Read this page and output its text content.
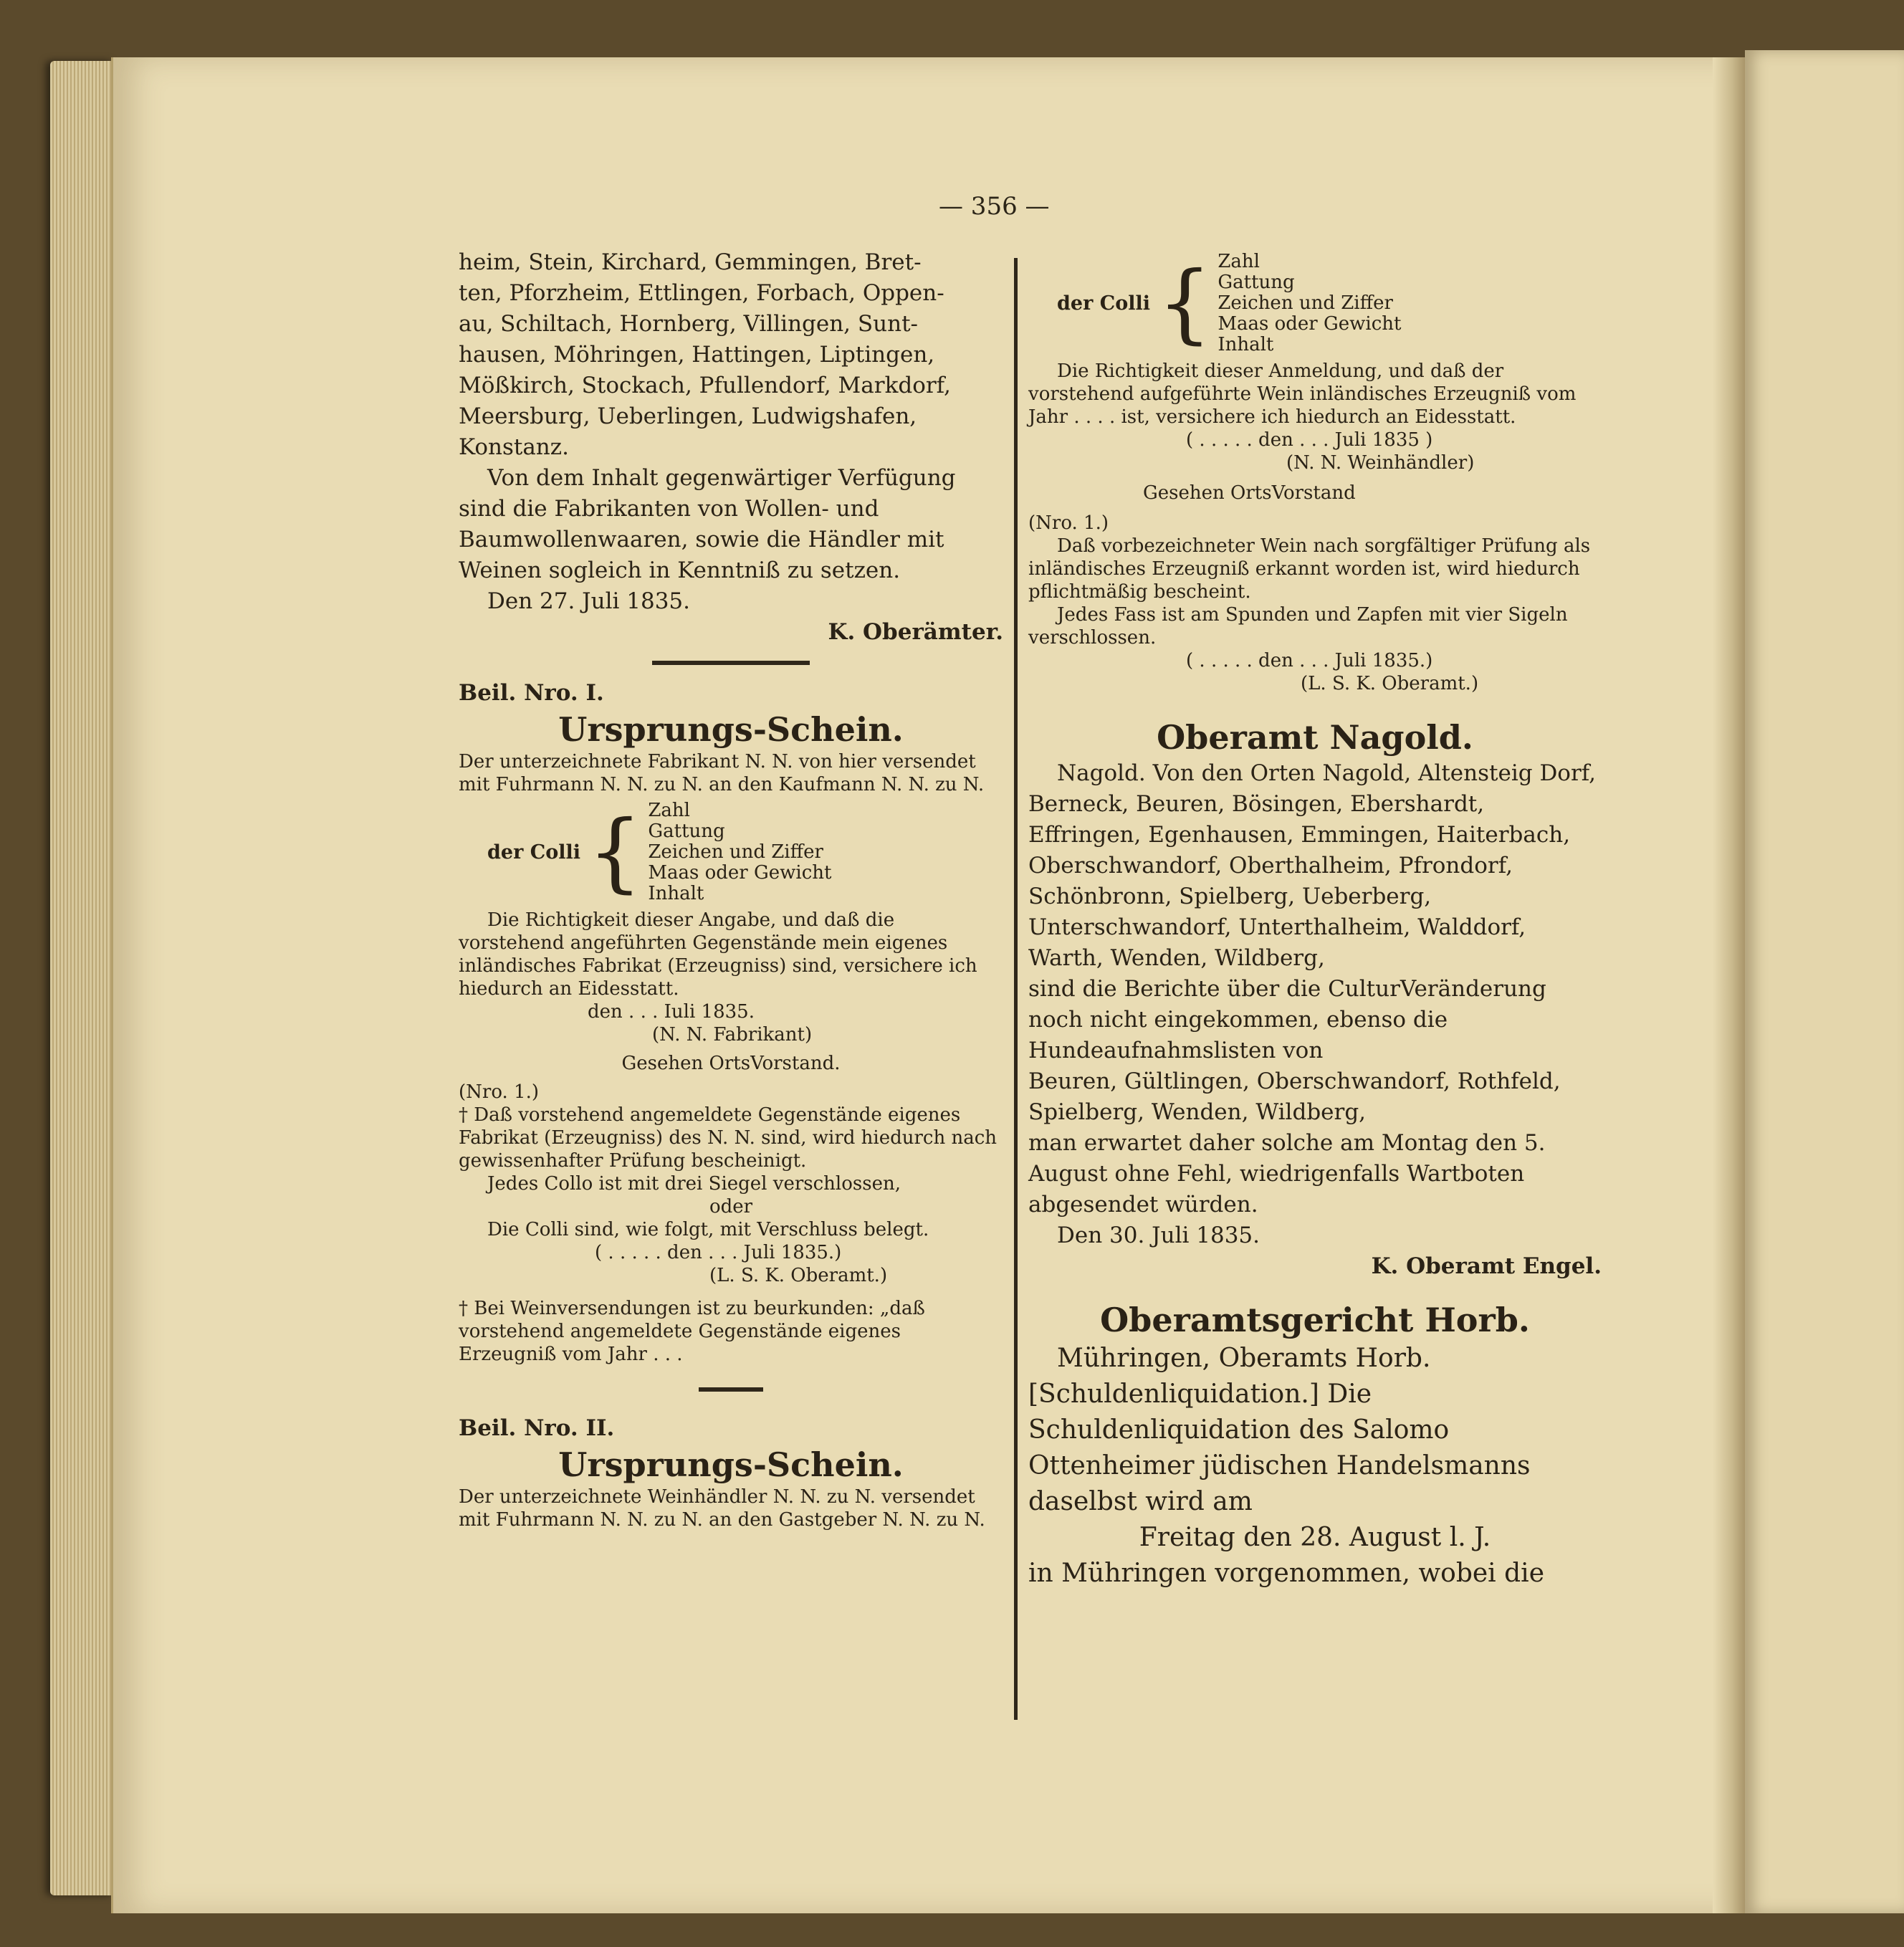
— 356 —

heim, Stein, Kirchard, Gemmingen, Bret-

ten, Pforzheim, Ettlingen, Forbach, Oppen-

au, Schiltach, Hornberg, Villingen, Sunt-

hausen, Möhringen, Hattingen, Liptingen,

Mößkirch, Stockach, Pfullendorf, Markdorf,

Meersburg, Ueberlingen, Ludwigshafen,

Konstanz.

Von dem Inhalt gegenwärtiger Verfügung sind die Fabrikanten von Wollen- und Baumwollenwaaren, sowie die Händler mit Weinen sogleich in Kenntniß zu setzen.

Den 27. Juli 1835.

K. Oberämter.

Beil. Nro. I.

Ursprungs-Schein.

Der unterzeichnete Fabrikant N. N. von hier versendet mit Fuhrmann N. N. zu N. an den Kaufmann N. N. zu N.

der Colli { Zahl
Gattung
Zeichen und Ziffer
Maas oder Gewicht
Inhalt

Die Richtigkeit dieser Angabe, und daß die vorstehend angeführten Gegenstände mein eigenes inländisches Fabrikat (Erzeugniss) sind, versichere ich hiedurch an Eidesstatt.

den . . . Iuli 1835.

(N. N. Fabrikant)

Gesehen OrtsVorstand.

(Nro. 1.)

† Daß vorstehend angemeldete Gegenstände eigenes Fabrikat (Erzeugniss) des N. N. sind, wird hiedurch nach gewissenhafter Prüfung bescheinigt.

Jedes Collo ist mit drei Siegel verschlossen,

oder

Die Colli sind, wie folgt, mit Verschluss belegt.

( . . . . . den . . . Juli 1835.)

(L. S. K. Oberamt.)

† Bei Weinversendungen ist zu beurkunden: „daß vorstehend angemeldete Gegenstände eigenes Erzeugniß vom Jahr . . .

Beil. Nro. II.

Ursprungs-Schein.

Der unterzeichnete Weinhändler N. N. zu N. versendet mit Fuhrmann N. N. zu N. an den Gastgeber N. N. zu N.

der Colli { Zahl
Gattung
Zeichen und Ziffer
Maas oder Gewicht
Inhalt

Die Richtigkeit dieser Anmeldung, und daß der vorstehend aufgeführte Wein inländisches Erzeugniß vom Jahr . . . . ist, versichere ich hiedurch an Eidesstatt.

( . . . . . den . . . Juli 1835 )

(N. N. Weinhändler)

Gesehen OrtsVorstand

(Nro. 1.)

Daß vorbezeichneter Wein nach sorgfältiger Prüfung als inländisches Erzeugniß erkannt worden ist, wird hiedurch pflichtmäßig bescheint.

Jedes Fass ist am Spunden und Zapfen mit vier Sigeln verschlossen.

( . . . . . den . . . Juli 1835.)

(L. S. K. Oberamt.)

Oberamt Nagold.

Nagold. Von den Orten Nagold, Altensteig Dorf, Berneck, Beuren, Bösingen, Ebershardt, Effringen, Egenhausen, Emmingen, Haiterbach, Oberschwandorf, Oberthalheim, Pfrondorf, Schönbronn, Spielberg, Ueberberg, Unterschwandorf, Unterthalheim, Walddorf, Warth, Wenden, Wildberg,

sind die Berichte über die CulturVeränderung noch nicht eingekommen, ebenso die Hundeaufnahmslisten von

Beuren, Gültlingen, Oberschwandorf, Rothfeld, Spielberg, Wenden, Wildberg,

man erwartet daher solche am Montag den 5. August ohne Fehl, wiedrigenfalls Wartboten abgesendet würden.

Den 30. Juli 1835.

K. Oberamt Engel.

Oberamtsgericht Horb.

Mühringen, Oberamts Horb. [Schuldenliquidation.] Die Schuldenliquidation des Salomo Ottenheimer jüdischen Handelsmanns daselbst wird am

Freitag den 28. August l. J.

in Mühringen vorgenommen, wobei die
